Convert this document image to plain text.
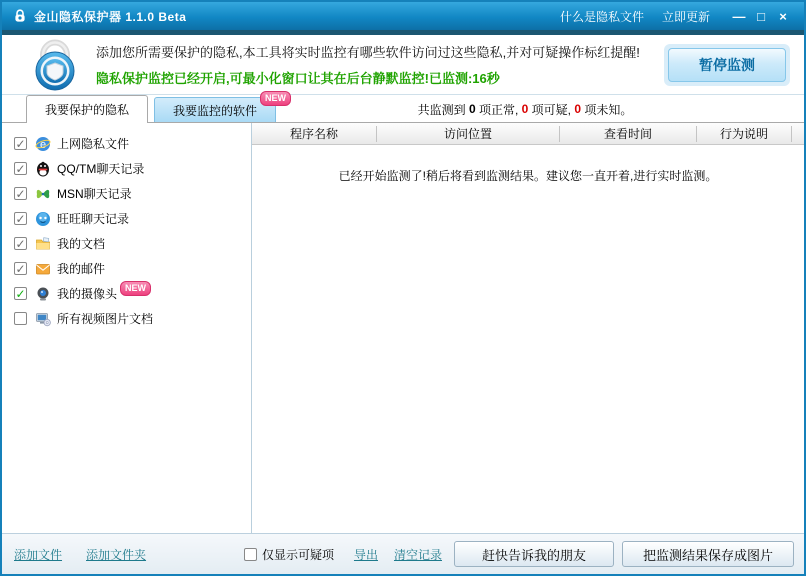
金山隐私保护器 1.1.0 Beta	什么是隐私文件 立即更新	— □	×
添加您所需要保护的隐私,本工具将实时监控有哪些软件访问过这些隐私,并对可疑操作标红提醒!
隐私保护监控已经开启,可最小化窗口让其在后台静默监控!已监测:16秒
暂停监测
我要保护的隐私	我要监控的软件
NEW
共监测到 0 项正常, 0 项可疑, 0 项未知。
✓
e 上网隐私文件
✓
QQ/TM聊天记录
✓
MSN聊天记录
✓
旺旺聊天记录
✓
我的文档
✓
我的邮件
✓
我的摄像头 NEW
所有视频图片文档
程序名称	访问位置	查看时间	行为说明
已经开始监测了!稍后将看到监测结果。建议您一直开着,进行实时监测。
添加文件 添加文件夹	仅显示可疑项 导出 清空记录	赶快告诉我的朋友	把监测结果保存成图片
